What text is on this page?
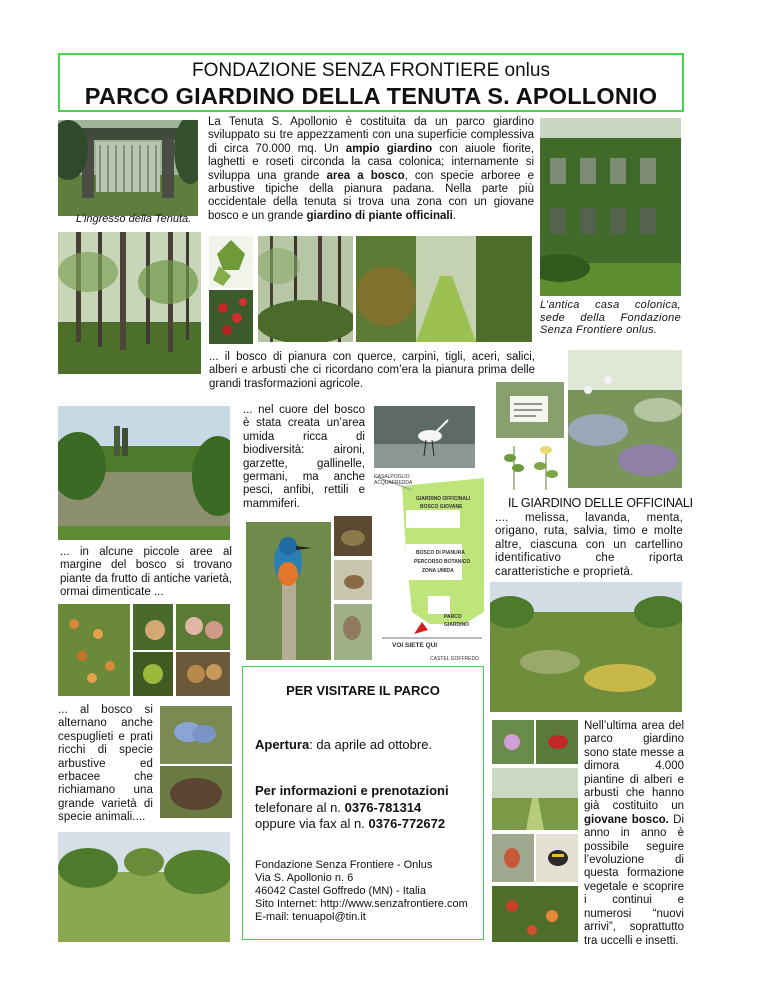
FONDAZIONE SENZA FRONTIERE onlus
PARCO GIARDINO DELLA TENUTA S. APOLLONIO
L’ingresso della Tenuta.
La Tenuta S. Apollonio è costituita da un parco giardino sviluppato su tre appezzamenti con una superficie complessiva di circa 70.000 mq. Un ampio giardino con aiuole fiorite, laghetti e roseti circonda la casa colonica; internamente si sviluppa una grande area a bosco, con specie arboree e arbustive tipiche della pianura padana. Nella parte più occidentale della tenuta si trova una zona con un giovane bosco e un grande giardino di piante officinali.
L’antica casa colonica, sede della Fondazione Senza Frontiere onlus.
... il bosco di pianura con querce, carpini, tigli, aceri, salici, alberi e arbusti che ci ricordano com’era la pianura prima delle grandi trasformazioni agricole.
... nel cuore del bosco è stata creata un’area umida ricca di biodiversità: aironi, garzette, gallinelle, germani, ma anche pesci, anfibi, rettili e mammiferi.
CASALPOGLIO ACQUAFREDDA
GIARDINO OFFICINALI
BOSCO GIOVANE
BOSCO DI PIANURA
PERCORSO BOTANICO
ZONA UMIDA
PARCO
GIARDINO
VOI SIETE QUI
CASTEL GOFFREDO
IL GIARDINO DELLE OFFICINALI
.... melissa, lavanda, menta, origano, ruta, salvia, timo e molte altre, ciascuna con un cartellino identificativo che riporta caratteristiche e proprietà.
... in alcune piccole aree al margine del bosco si trovano piante da frutto di antiche varietà, ormai dimenticate ...
... al bosco si alternano anche cespuglieti e prati ricchi di specie arbustive ed erbacee che richiamano una grande varietà di specie animali....
PER VISITARE IL PARCO
Apertura: da aprile ad ottobre.
Per informazioni e prenotazioni
telefonare al n. 0376-781314
oppure via fax al n. 0376-772672
Fondazione Senza Frontiere - Onlus
Via S. Apollonio n. 6
46042 Castel Goffredo (MN) - Italia
Sito Internet: http://www.senzafrontiere.com
E-mail: tenuapol@tin.it
Nell’ultima area del parco giardino sono state messe a dimora 4.000 piantine di alberi e arbusti che hanno già costituito un giovane bosco. Di anno in anno è possibile seguire l’evoluzione di questa formazione vegetale e scoprire i continui e numerosi “nuovi arrivi”, soprattutto tra uccelli e insetti.
